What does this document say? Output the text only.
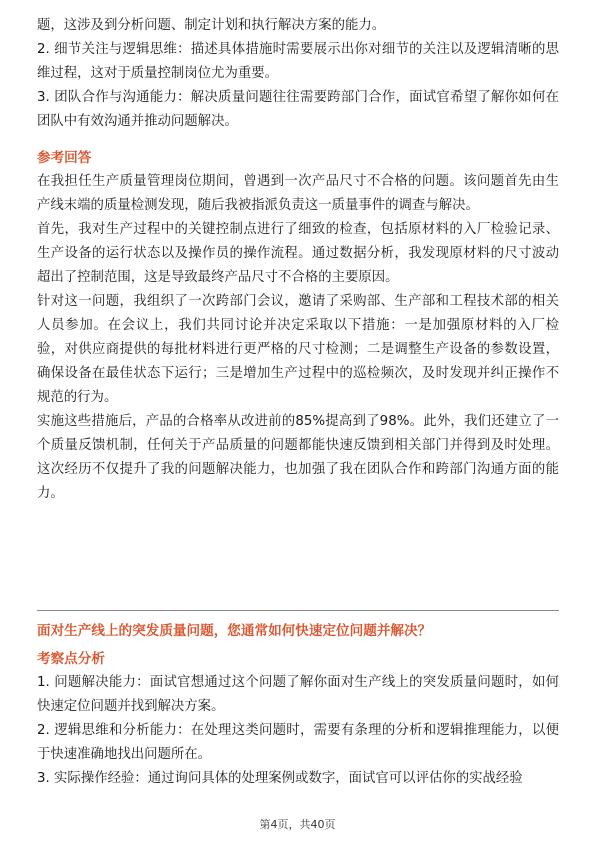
题，这涉及到分析问题、制定计划和执行解决方案的能力。

2. 细节关注与逻辑思维：描述具体措施时需要展示出你对细节的关注以及逻辑清晰的思维过程，这对于质量控制岗位尤为重要。

3. 团队合作与沟通能力：解决质量问题往往需要跨部门合作，面试官希望了解你如何在团队中有效沟通并推动问题解决。

参考回答

在我担任生产质量管理岗位期间，曾遇到一次产品尺寸不合格的问题。该问题首先由生产线末端的质量检测发现，随后我被指派负责这一质量事件的调查与解决。

首先，我对生产过程中的关键控制点进行了细致的检查，包括原材料的入厂检验记录、生产设备的运行状态以及操作员的操作流程。通过数据分析，我发现原材料的尺寸波动超出了控制范围，这是导致最终产品尺寸不合格的主要原因。

针对这一问题，我组织了一次跨部门会议，邀请了采购部、生产部和工程技术部的相关人员参加。在会议上，我们共同讨论并决定采取以下措施：一是加强原材料的入厂检验，对供应商提供的每批材料进行更严格的尺寸检测；二是调整生产设备的参数设置，确保设备在最佳状态下运行；三是增加生产过程中的巡检频次，及时发现并纠正操作不规范的行为。

实施这些措施后，产品的合格率从改进前的85%提高到了98%。此外，我们还建立了一个质量反馈机制，任何关于产品质量的问题都能快速反馈到相关部门并得到及时处理。这次经历不仅提升了我的问题解决能力，也加强了我在团队合作和跨部门沟通方面的能力。

面对生产线上的突发质量问题，您通常如何快速定位问题并解决？

考察点分析

1. 问题解决能力：面试官想通过这个问题了解你面对生产线上的突发质量问题时，如何快速定位问题并找到解决方案。

2. 逻辑思维和分析能力：在处理这类问题时，需要有条理的分析和逻辑推理能力，以便于快速准确地找出问题所在。

3. 实际操作经验：通过询问具体的处理案例或数字，面试官可以评估你的实战经验

第4页，共40页
